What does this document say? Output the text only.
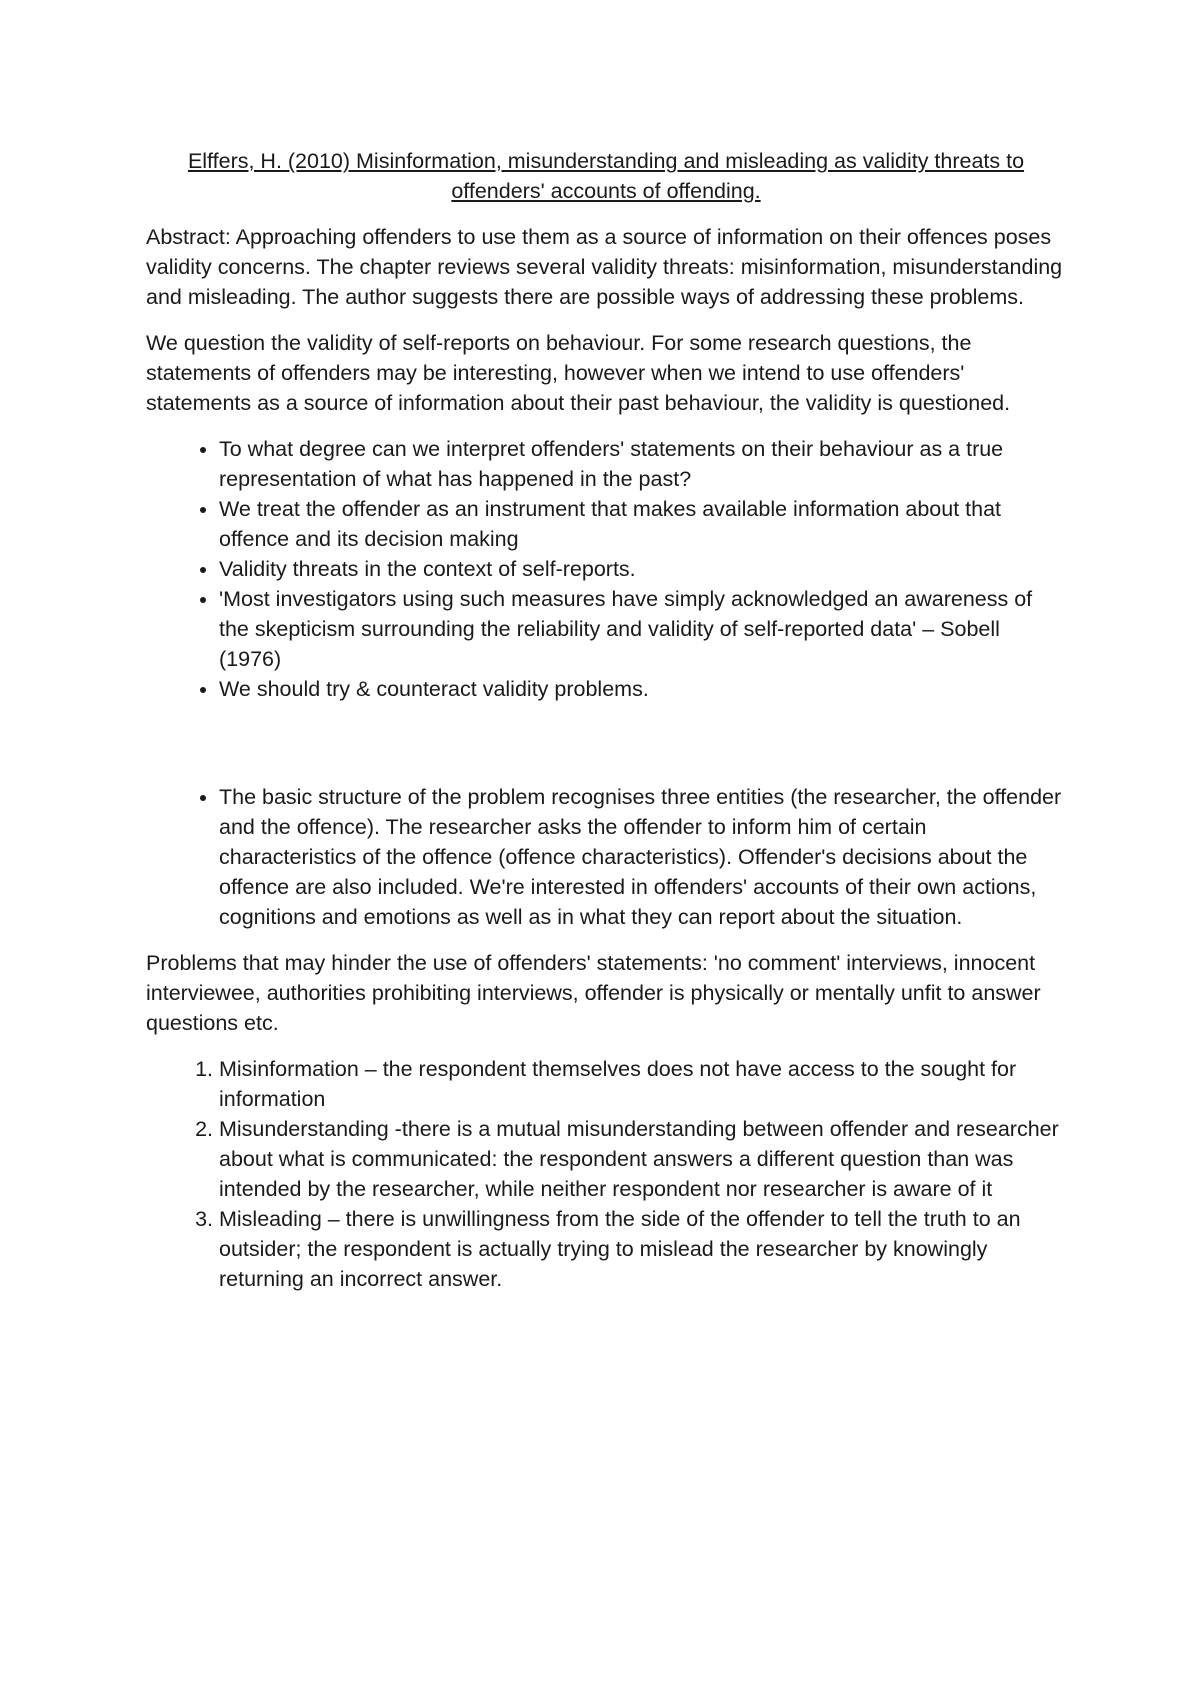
Elffers, H. (2010) Misinformation, misunderstanding and misleading as validity threats to offenders' accounts of offending.

Abstract: Approaching offenders to use them as a source of information on their offences poses validity concerns. The chapter reviews several validity threats: misinformation, misunderstanding and misleading. The author suggests there are possible ways of addressing these problems.

We question the validity of self-reports on behaviour. For some research questions, the statements of offenders may be interesting, however when we intend to use offenders' statements as a source of information about their past behaviour, the validity is questioned.

• To what degree can we interpret offenders' statements on their behaviour as a true representation of what has happened in the past?
• We treat the offender as an instrument that makes available information about that offence and its decision making
• Validity threats in the context of self-reports.
• 'Most investigators using such measures have simply acknowledged an awareness of the skepticism surrounding the reliability and validity of self-reported data' – Sobell (1976)
• We should try & counteract validity problems.
• The basic structure of the problem recognises three entities (the researcher, the offender and the offence). The researcher asks the offender to inform him of certain characteristics of the offence (offence characteristics). Offender's decisions about the offence are also included. We're interested in offenders' accounts of their own actions, cognitions and emotions as well as in what they can report about the situation.

Problems that may hinder the use of offenders' statements: 'no comment' interviews, innocent interviewee, authorities prohibiting interviews, offender is physically or mentally unfit to answer questions etc.

1. Misinformation – the respondent themselves does not have access to the sought for information
2. Misunderstanding -there is a mutual misunderstanding between offender and researcher about what is communicated: the respondent answers a different question than was intended by the researcher, while neither respondent nor researcher is aware of it
3. Misleading – there is unwillingness from the side of the offender to tell the truth to an outsider; the respondent is actually trying to mislead the researcher by knowingly returning an incorrect answer.
